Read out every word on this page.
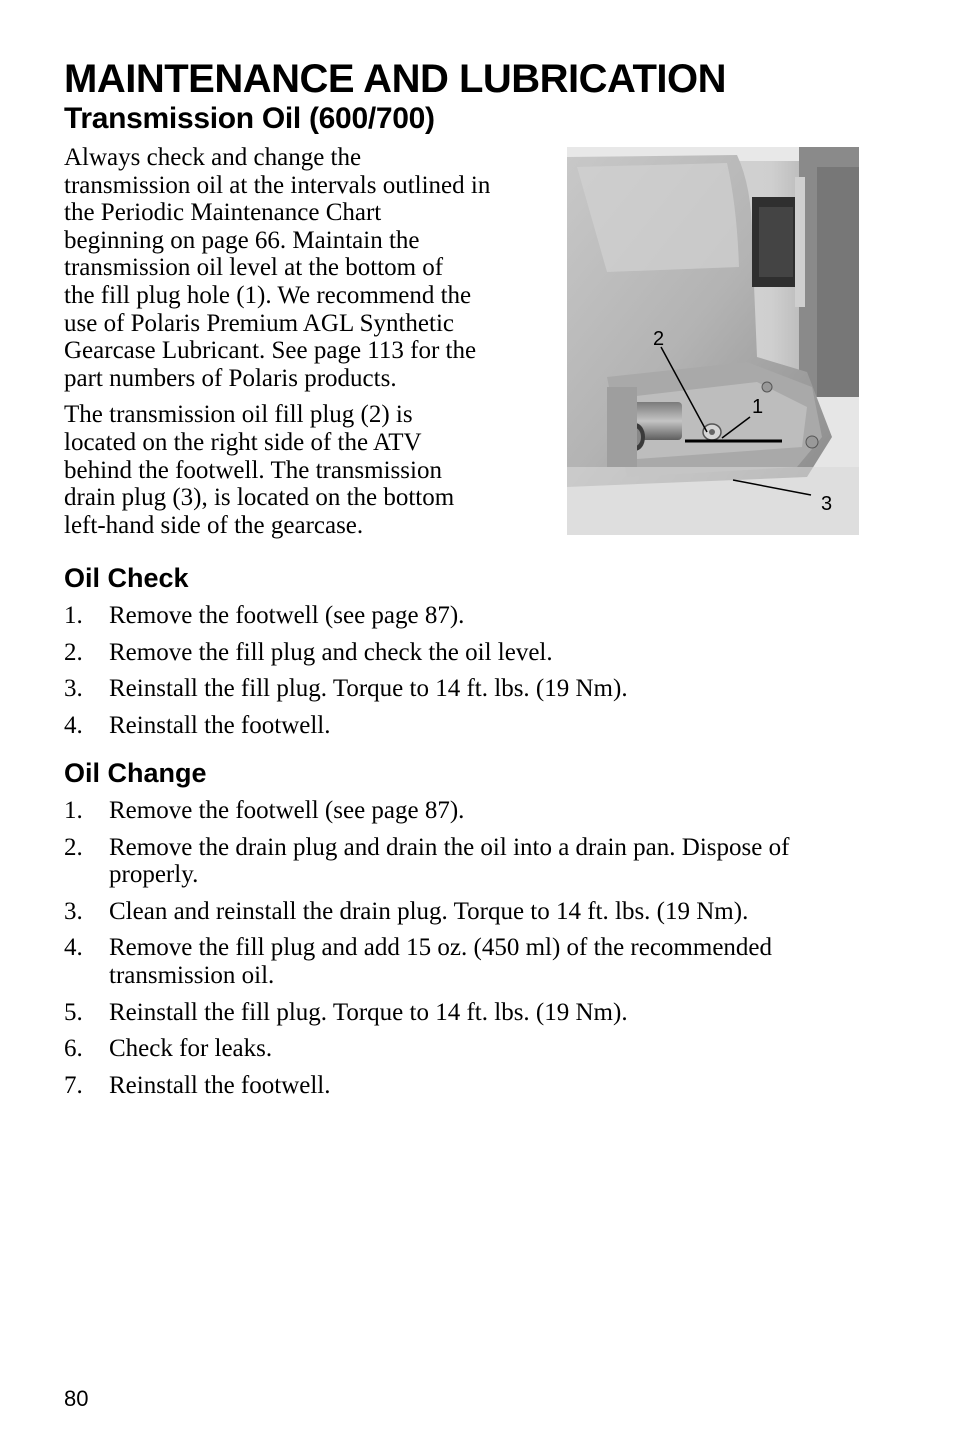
MAINTENANCE AND LUBRICATION
Transmission Oil (600/700)

Always check and change the
transmission oil at the intervals outlined in
the Periodic Maintenance Chart
beginning on page 66. Maintain the
transmission oil level at the bottom of
the fill plug hole (1). We recommend the
use of Polaris Premium AGL Synthetic
Gearcase Lubricant. See page 113 for the
part numbers of Polaris products.

The transmission oil fill plug (2) is
located on the right side of the ATV
behind the footwell. The transmission
drain plug (3), is located on the bottom
left-hand side of the gearcase.

2
1
3
Oil Check
1. Remove the footwell (see page 87).
2. Remove the fill plug and check the oil level.
3. Reinstall the fill plug. Torque to 14 ft. lbs. (19 Nm).
4. Reinstall the footwell.
Oil Change
1. Remove the footwell (see page 87).
2. Remove the drain plug and drain the oil into a drain pan. Dispose of properly.
3. Clean and reinstall the drain plug. Torque to 14 ft. lbs. (19 Nm).
4. Remove the fill plug and add 15 oz. (450 ml) of the recommended transmission oil.
5. Reinstall the fill plug. Torque to 14 ft. lbs. (19 Nm).
6. Check for leaks.
7. Reinstall the footwell.
80
